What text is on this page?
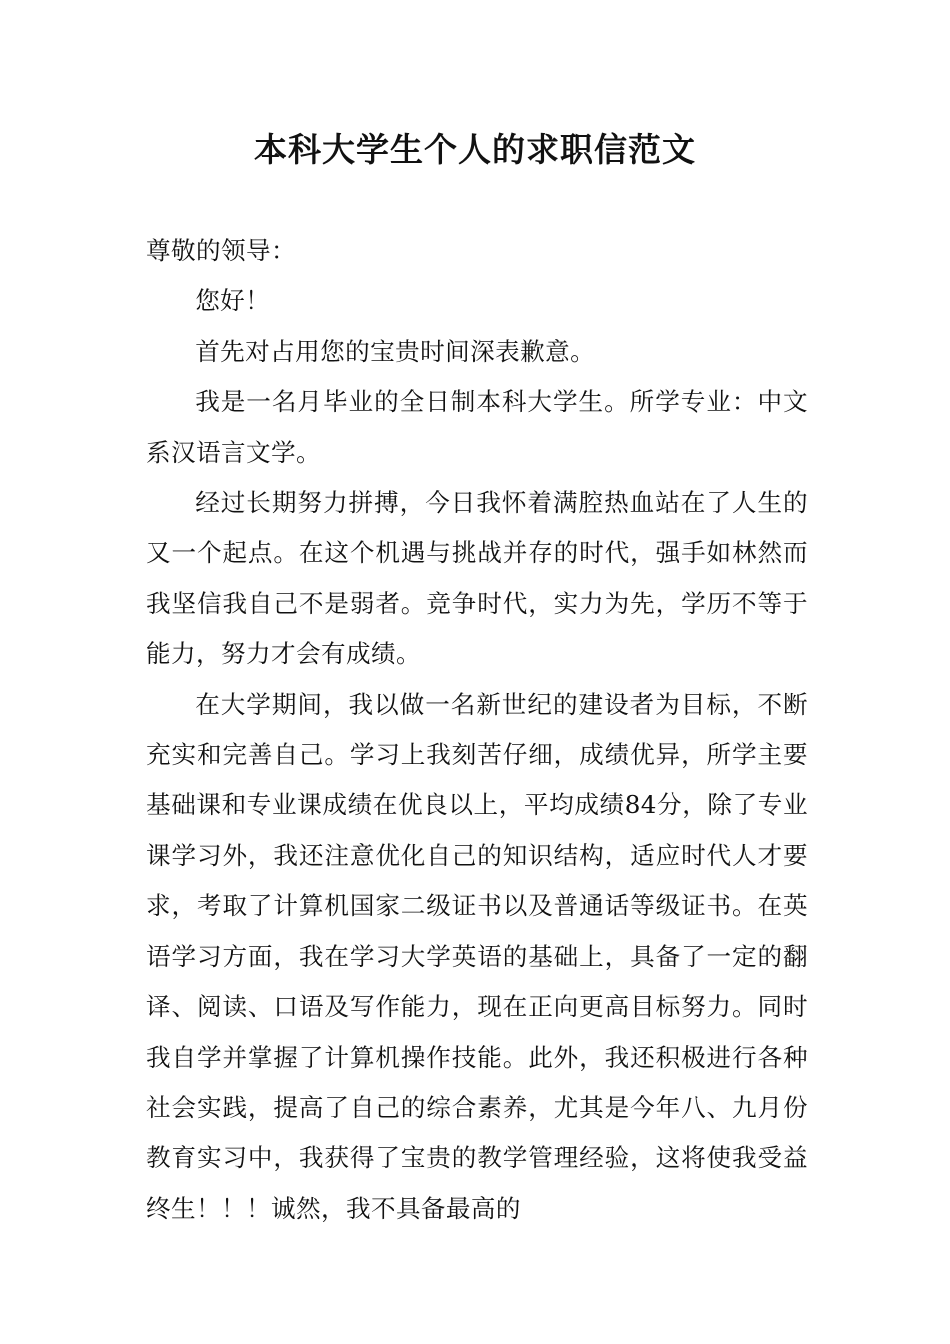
本科大学生个人的求职信范文

尊敬的领导：

您好！

首先对占用您的宝贵时间深表歉意。

我是一名月毕业的全日制本科大学生。所学专业：中文系汉语言文学。

经过长期努力拼搏，今日我怀着满腔热血站在了人生的又一个起点。在这个机遇与挑战并存的时代，强手如林然而我坚信我自己不是弱者。竞争时代，实力为先，学历不等于能力，努力才会有成绩。

在大学期间，我以做一名新世纪的建设者为目标，不断充实和完善自己。学习上我刻苦仔细，成绩优异，所学主要基础课和专业课成绩在优良以上，平均成绩84分，除了专业课学习外，我还注意优化自己的知识结构，适应时代人才要求，考取了计算机国家二级证书以及普通话等级证书。在英语学习方面，我在学习大学英语的基础上，具备了一定的翻译、阅读、口语及写作能力，现在正向更高目标努力。同时我自学并掌握了计算机操作技能。此外，我还积极进行各种社会实践，提高了自己的综合素养，尤其是今年八、九月份教育实习中，我获得了宝贵的教学管理经验，这将使我受益终生！！！诚然，我不具备最高的
